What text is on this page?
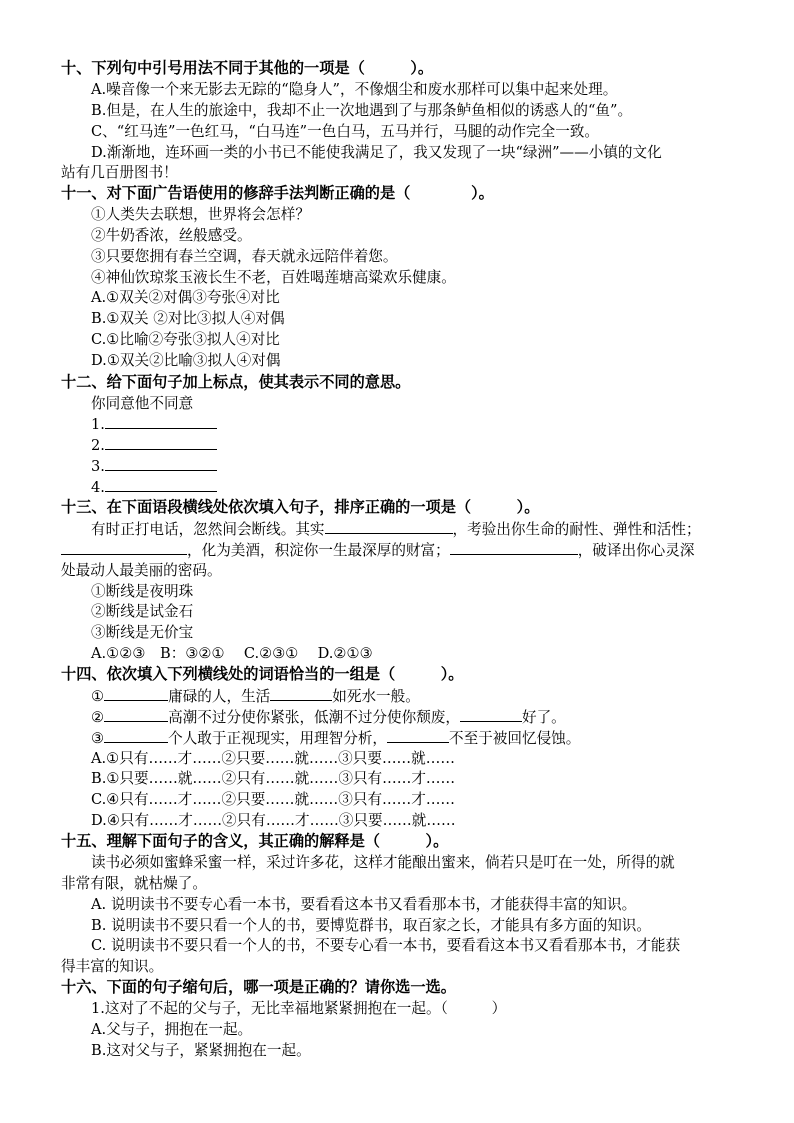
十、下列句中引号用法不同于其他的一项是（　　　）。
A.噪音像一个来无影去无踪的“隐身人”，不像烟尘和废水那样可以集中起来处理。
B.但是，在人生的旅途中，我却不止一次地遇到了与那条鲈鱼相似的诱惑人的“鱼”。
C、“红马连”一色红马，“白马连”一色白马，五马并行，马腿的动作完全一致。
D.渐渐地，连环画一类的小书已不能使我满足了，我又发现了一块“绿洲”——小镇的文化
站有几百册图书！
十一、对下面广告语使用的修辞手法判断正确的是（　　　　）。
①人类失去联想，世界将会怎样？
②牛奶香浓，丝般感受。
③只要您拥有春兰空调，春天就永远陪伴着您。
④神仙饮琼浆玉液长生不老，百姓喝莲塘高粱欢乐健康。
A.①双关②对偶③夸张④对比
B.①双关 ②对比③拟人④对偶
C.①比喻②夸张③拟人④对比
D.①双关②比喻③拟人④对偶
十二、给下面句子加上标点，使其表示不同的意思。
你同意他不同意
1.
2.
3.
4.
十三、在下面语段横线处依次填入句子，排序正确的一项是（　　　）。
有时正打电话，忽然间会断线。其实	，考验出你生命的耐性、弹性和活性；
，化为美酒，积淀你一生最深厚的财富；	，破译出你心灵深
处最动人最美丽的密码。
①断线是夜明珠
②断线是试金石
③断线是无价宝
A.①②③　B：③②①　 C.②③①　 D.②①③
十四、依次填入下列横线处的词语恰当的一组是（　　　）。
①	庸碌的人，生活	如死水一般。
②	高潮不过分使你紧张，低潮不过分使你颓废，	好了。
③	个人敢于正视现实，用理智分析，	不至于被回忆侵蚀。
A.①只有……才……②只要……就……③只要……就……
B.①只要……就……②只有……就……③只有……才……
C.④只有……才……②只要……就……③只有……才……
D.④只有……才……②只有……才……③只要……就……
十五、理解下面句子的含义，其正确的解释是（　　　）。
读书必须如蜜蜂采蜜一样，采过许多花，这样才能酿出蜜来，倘若只是叮在一处，所得的就
非常有限，就枯燥了。
A. 说明读书不要专心看一本书，要看看这本书又看看那本书，才能获得丰富的知识。
B. 说明读书不要只看一个人的书，要博览群书，取百家之长，才能具有多方面的知识。
C. 说明读书不要只看一个人的书，不要专心看一本书，要看看这本书又看看那本书，才能获
得丰富的知识。
十六、下面的句子缩句后，哪一项是正确的？请你选一选。
1.这对了不起的父与子，无比幸福地紧紧拥抱在一起。（　　　）
A.父与子，拥抱在一起。
B.这对父与子，紧紧拥抱在一起。
